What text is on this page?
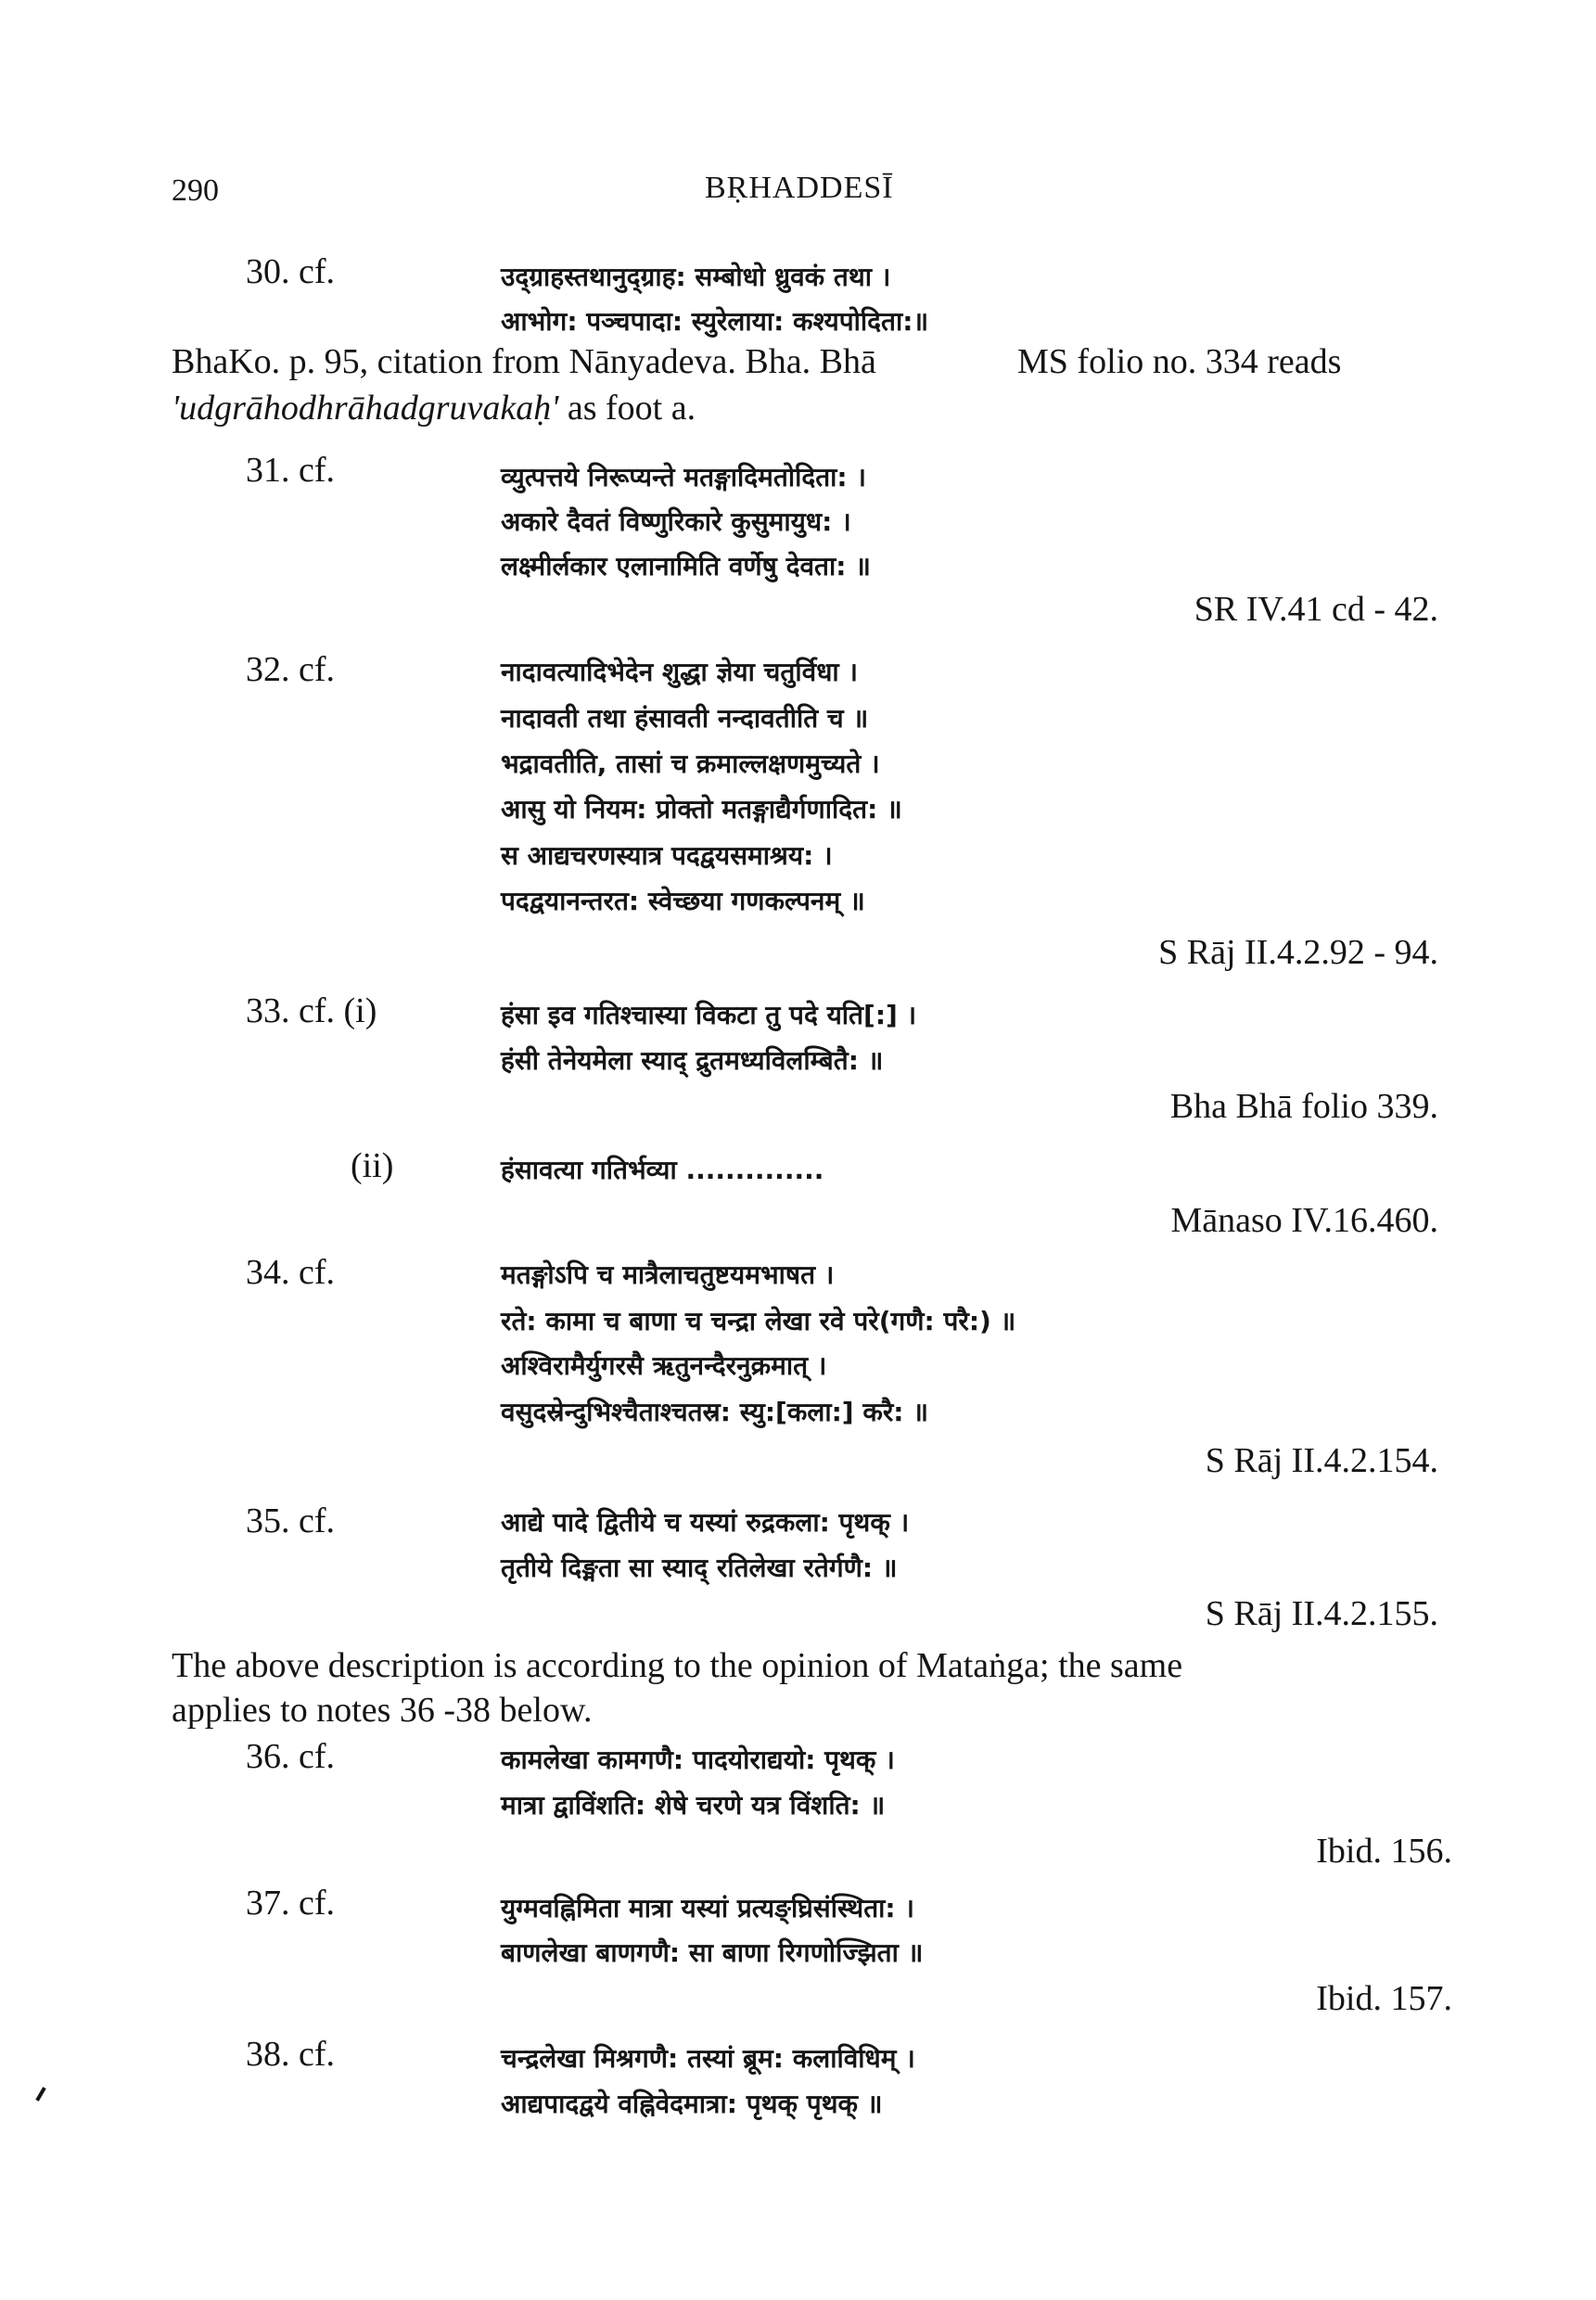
290	BṚHADDESĪ
30. cf.	उद्ग्राहस्तथानुद्ग्राह: सम्बोधो ध्रुवकं तथा ।
आभोग: पञ्चपादा: स्युरेलाया: कश्यपोदिता:॥
BhaKo. p. 95, citation from Nānyadeva. Bha. Bhā	MS folio no. 334 reads
'udgrāhodhrāhadgruvakaḥ' as foot a.
31. cf.	व्युत्पत्तये निरूप्यन्ते मतङ्गादिमतोदिता: ।
अकारे दैवतं विष्णुरिकारे कुसुमायुध: ।
लक्ष्मीर्लकार एलानामिति वर्णेषु देवता: ॥
SR IV.41 cd - 42.
32. cf.	नादावत्यादिभेदेन शुद्धा ज्ञेया चतुर्विधा ।
नादावती तथा हंसावती नन्दावतीति च ॥
भद्रावतीति, तासां च क्रमाल्लक्षणमुच्यते ।
आसु यो नियम: प्रोक्तो मतङ्गाद्यैर्गणादित: ॥
स आद्यचरणस्यात्र पदद्वयसमाश्रय: ।
पदद्वयानन्तरत: स्वेच्छया गणकल्पनम् ॥
S Rāj II.4.2.92 - 94.
33. cf. (i)	हंसा इव गतिश्चास्या विकटा तु पदे यति[:] ।
हंसी तेनेयमेला स्याद् द्रुतमध्यविलम्बितै: ॥
Bha Bhā folio 339.
(ii)	हंसावत्या गतिर्भव्या ..............
Mānaso IV.16.460.
34. cf.	मतङ्गोऽपि च मात्रैलाचतुष्टयमभाषत ।
रते: कामा च बाणा च चन्द्रा लेखा रवे परे(गणै: परै:) ॥
अश्विरामैर्युगरसै ऋतुनन्दैरनुक्रमात् ।
वसुदस्रेन्दुभिश्चैताश्चतस्र: स्यु:[कला:] करै: ॥
S Rāj II.4.2.154.
35. cf.	आद्ये पादे द्वितीये च यस्यां रुद्रकला: पृथक् ।
तृतीये दिङ्मता सा स्याद् रतिलेखा रतेर्गणै: ॥
S Rāj II.4.2.155.
The above description is according to the opinion of Mataṅga; the same
applies to notes 36 -38 below.
36. cf.	कामलेखा कामगणै: पादयोराद्ययो: पृथक् ।
मात्रा द्वाविंशति: शेषे चरणे यत्र विंशति: ॥
Ibid. 156.
37. cf.	युग्मवह्निमिता मात्रा यस्यां प्रत्यङ्घ्रिसंस्थिता: ।
बाणलेखा बाणगणै: सा बाणा रिगणोज्झिता ॥
Ibid. 157.
38. cf.	चन्द्रलेखा मिश्रगणै: तस्यां ब्रूम: कलाविधिम् ।
आद्यपादद्वये वह्निवेदमात्रा: पृथक् पृथक् ॥
